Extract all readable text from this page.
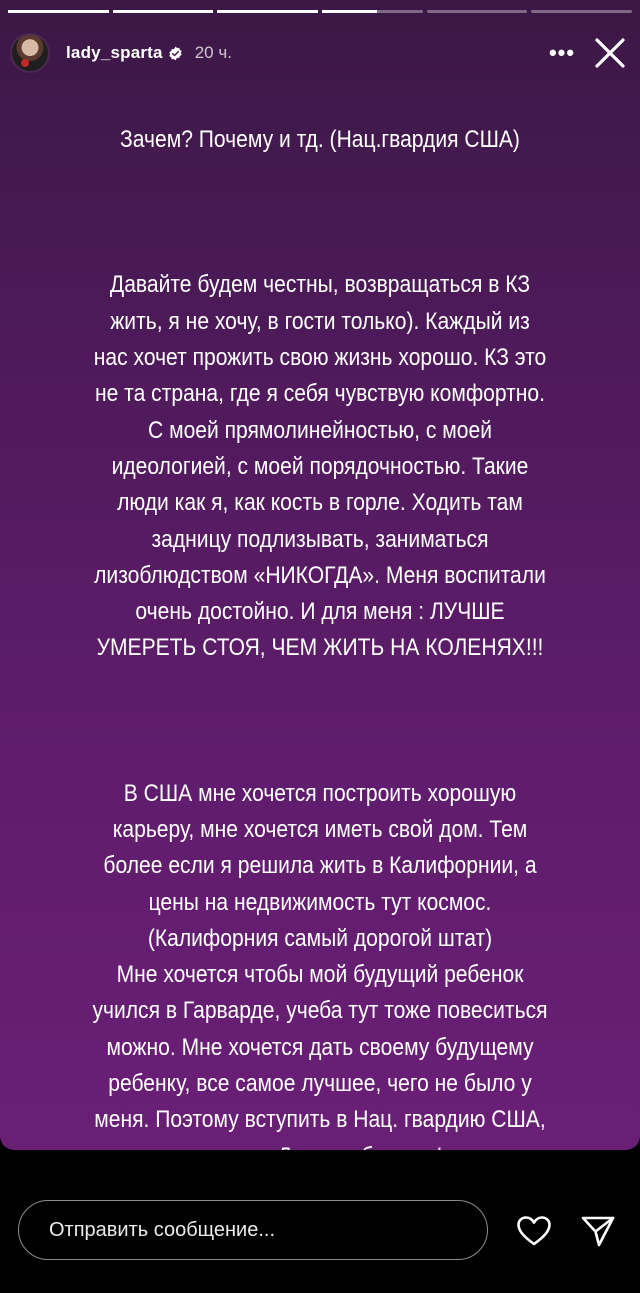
lady_sparta 20 ч.	•••

Зачем? Почему и тд. (Нац.гвардия США)

Давайте будем честны, возвращаться в КЗ
жить, я не хочу, в гости только). Каждый из
нас хочет прожить свою жизнь хорошо. КЗ это
не та страна, где я себя чувствую комфортно.
С моей прямолинейностью, с моей
идеологией, с моей порядочностью. Такие
люди как я, как кость в горле. Ходить там
задницу подлизывать, заниматься
лизоблюдством «НИКОГДА». Меня воспитали
очень достойно. И для меня : ЛУЧШЕ
УМЕРЕТЬ СТОЯ, ЧЕМ ЖИТЬ НА КОЛЕНЯХ!!!

В США мне хочется построить хорошую
карьеру, мне хочется иметь свой дом. Тем
более если я решила жить в Калифорнии, а
цены на недвижимость тут космос.
(Калифорния самый дорогой штат)
Мне хочется чтобы мой будущий ребенок
учился в Гарварде, учеба тут тоже повеситься
можно. Мне хочется дать своему будущему
ребенку, все самое лучшее, чего не было у
меня. Поэтому вступить в Нац. гвардию США,

Отправить сообщение...
